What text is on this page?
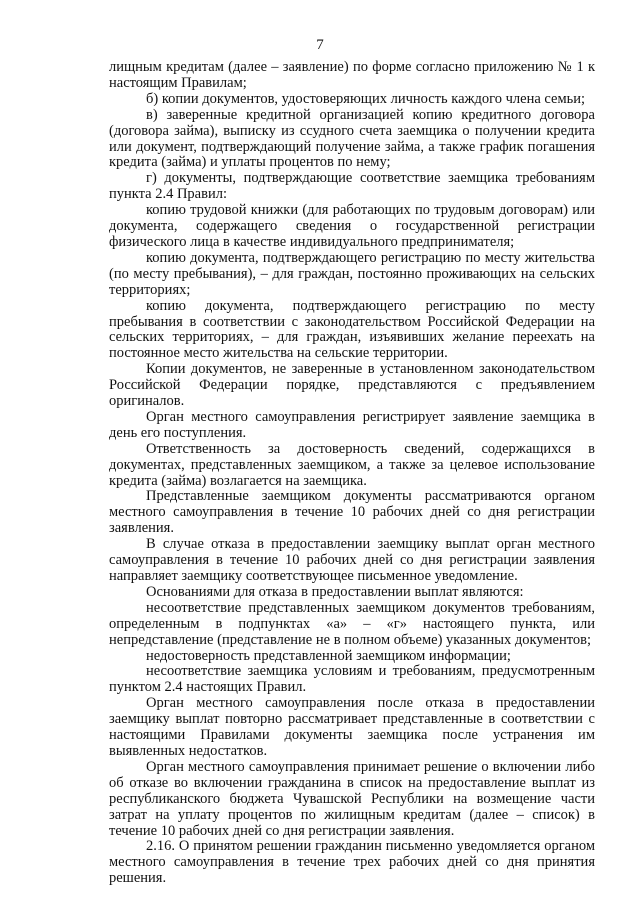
7

лищным кредитам (далее – заявление) по форме согласно приложению № 1 к настоящим Правилам;

б) копии документов, удостоверяющих личность каждого члена семьи;

в) заверенные кредитной организацией копию кредитного договора (договора займа), выписку из ссудного счета заемщика о получении кредита или документ, подтверждающий получение займа, а также график погашения кредита (займа) и уплаты процентов по нему;

г) документы, подтверждающие соответствие заемщика требованиям пункта 2.4 Правил:

копию трудовой книжки (для работающих по трудовым договорам) или документа, содержащего сведения о государственной регистрации физического лица в качестве индивидуального предпринимателя;

копию документа, подтверждающего регистрацию по месту жительства (по месту пребывания), – для граждан, постоянно проживающих на сельских территориях;

копию документа, подтверждающего регистрацию по месту пребывания в соответствии с законодательством Российской Федерации на сельских территориях, – для граждан, изъявивших желание переехать на постоянное место жительства на сельские территории.

Копии документов, не заверенные в установленном законодательством Российской Федерации порядке, представляются с предъявлением оригиналов.

Орган местного самоуправления регистрирует заявление заемщика в день его поступления.

Ответственность за достоверность сведений, содержащихся в документах, представленных заемщиком, а также за целевое использование кредита (займа) возлагается на заемщика.

Представленные заемщиком документы рассматриваются органом местного самоуправления в течение 10 рабочих дней со дня регистрации заявления.

В случае отказа в предоставлении заемщику выплат орган местного самоуправления в течение 10 рабочих дней со дня регистрации заявления направляет заемщику соответствующее письменное уведомление.

Основаниями для отказа в предоставлении выплат являются:

несоответствие представленных заемщиком документов требованиям, определенным в подпунктах «а» – «г» настоящего пункта, или непредставление (представление не в полном объеме) указанных документов;

недостоверность представленной заемщиком информации;

несоответствие заемщика условиям и требованиям, предусмотренным пунктом 2.4 настоящих Правил.

Орган местного самоуправления после отказа в предоставлении заемщику выплат повторно рассматривает представленные в соответствии с настоящими Правилами документы заемщика после устранения им выявленных недостатков.

Орган местного самоуправления принимает решение о включении либо об отказе во включении гражданина в список на предоставление выплат из республиканского бюджета Чувашской Республики на возмещение части затрат на уплату процентов по жилищным кредитам (далее – список) в течение 10 рабочих дней со дня регистрации заявления.

2.16. О принятом решении гражданин письменно уведомляется органом местного самоуправления в течение трех рабочих дней со дня принятия решения.
